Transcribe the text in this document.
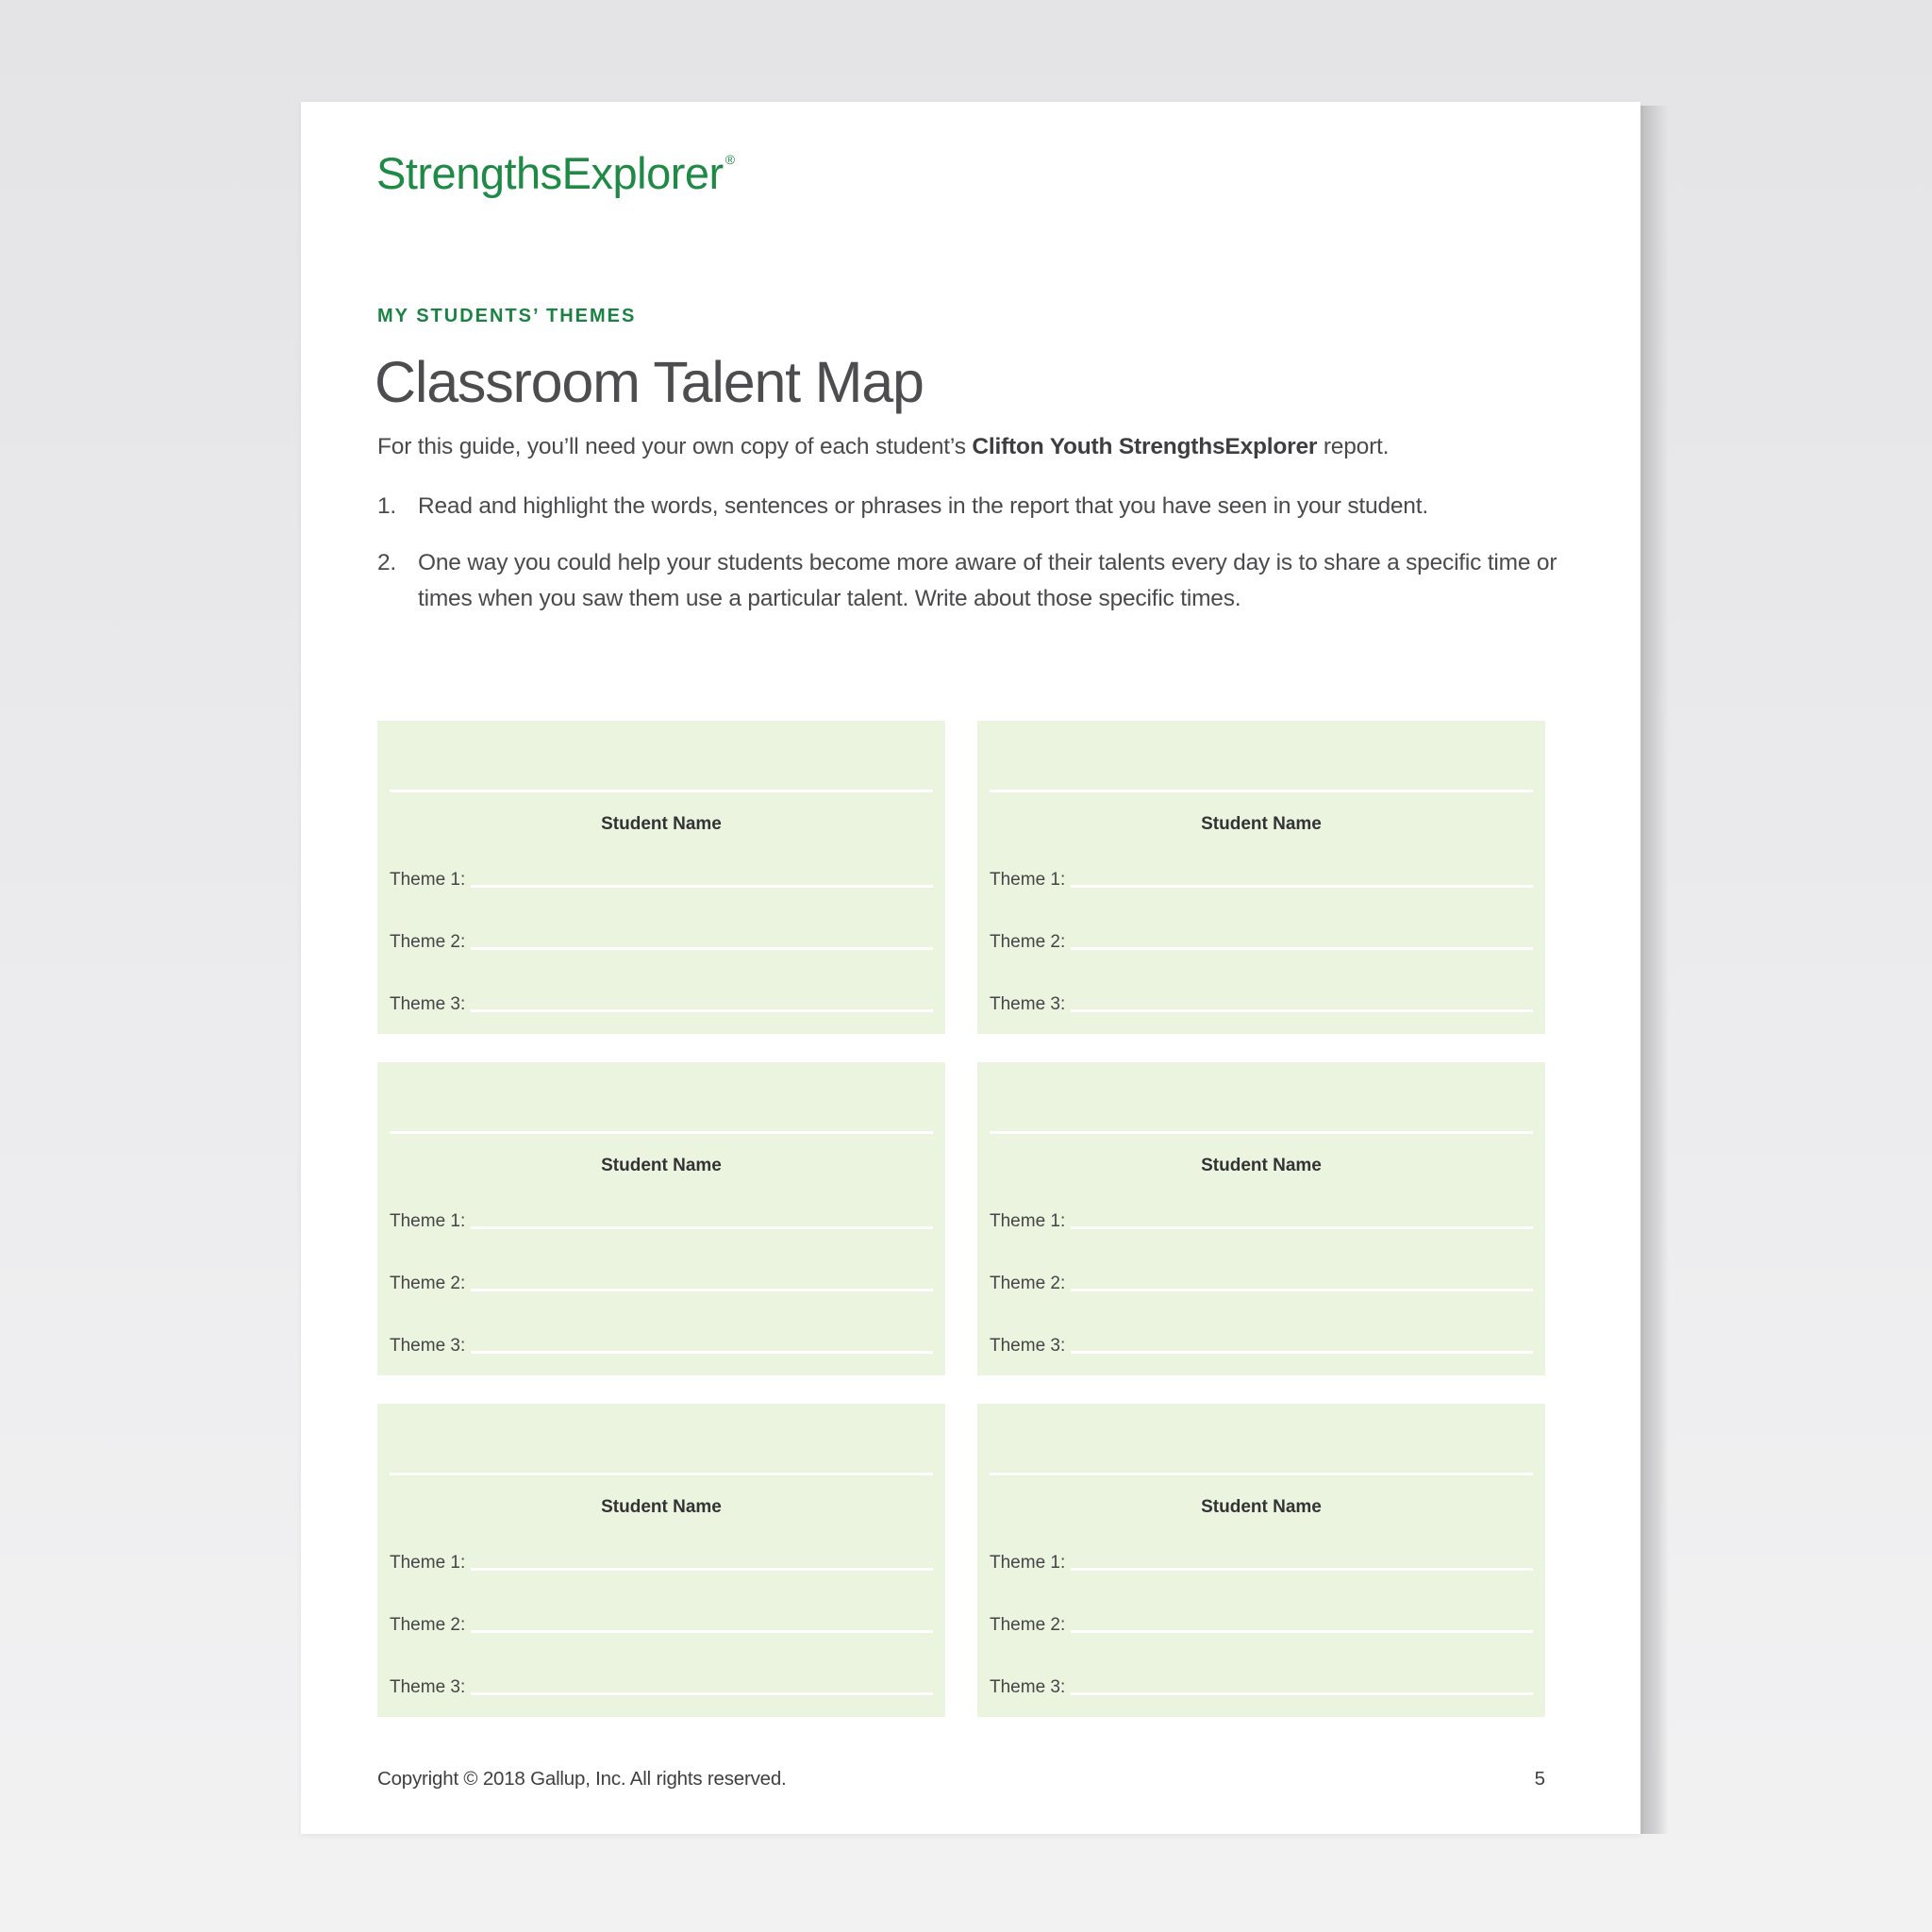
StrengthsExplorer ®
MY STUDENTS’ THEMES
Classroom Talent Map
For this guide, you’ll need your own copy of each student’s Clifton Youth StrengthsExplorer report.
1. Read and highlight the words, sentences or phrases in the report that you have seen in your student.
2. One way you could help your students become more aware of their talents every day is to share a specific time or times when you saw them use a particular talent. Write about those specific times.
Student Name
Theme 1:
Theme 2:
Theme 3:
Student Name
Theme 1:
Theme 2:
Theme 3:
Student Name
Theme 1:
Theme 2:
Theme 3:
Student Name
Theme 1:
Theme 2:
Theme 3:
Student Name
Theme 1:
Theme 2:
Theme 3:
Student Name
Theme 1:
Theme 2:
Theme 3:
Copyright © 2018 Gallup, Inc. All rights reserved.	5
